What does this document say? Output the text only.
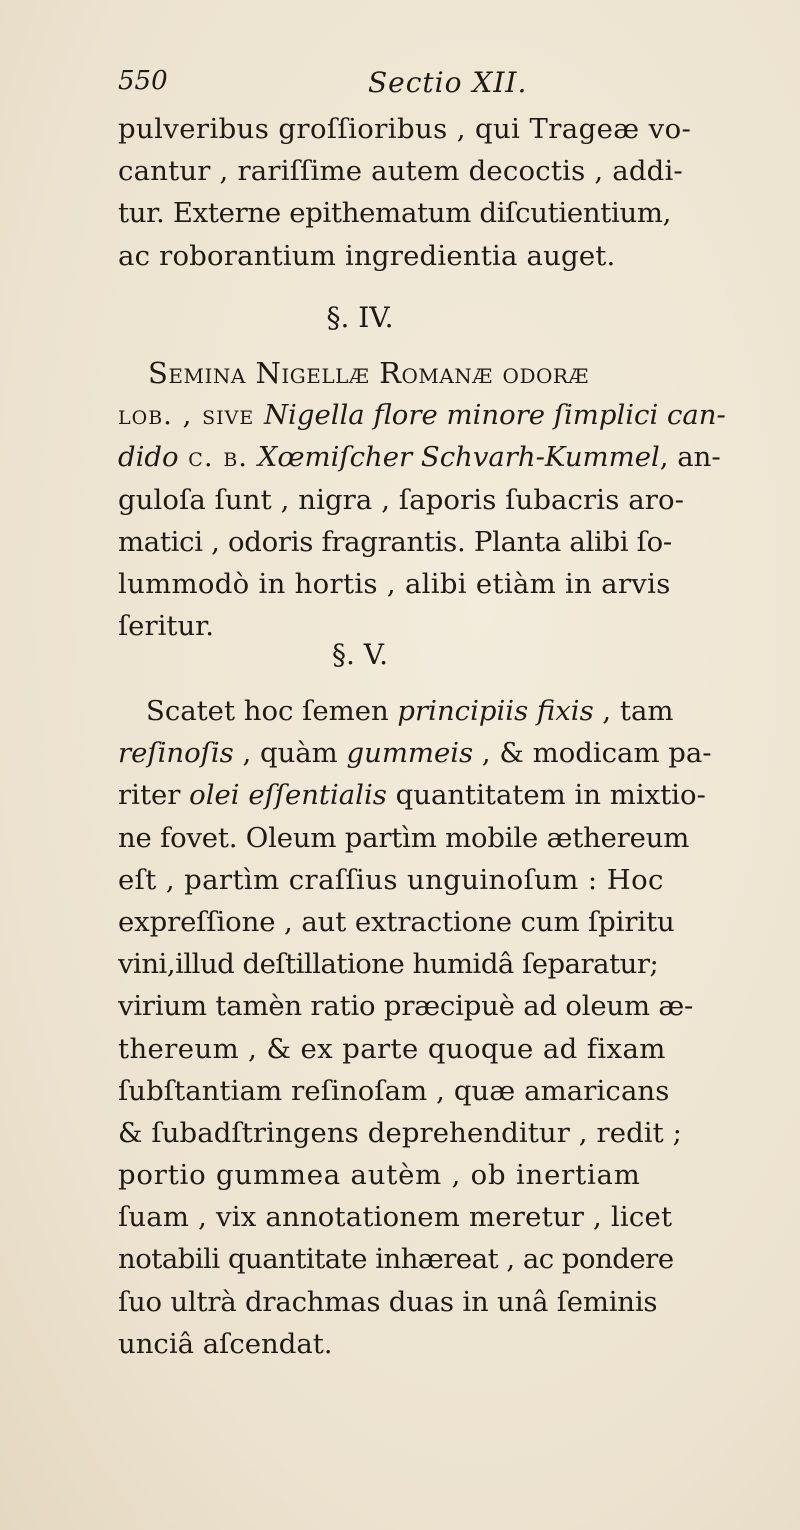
550	Sectio XII.
pulveribus groſſioribus , qui Trageæ vo-
cantur , rariſſime autem decoctis , addi-
tur. Externe epithematum diſcutientium,
ac roborantium ingredientia auget.
§. IV.
Semina Nigellæ Romanæ odoræ
lob. , ſive Nigella flore minore ſimplici can-
dido c. b. Xœmiſcher Schvarh-Kummel, an-
guloſa ſunt , nigra , ſaporis ſubacris aro-
matici , odoris fragrantis. Planta alibi ſo-
lummodò in hortis , alibi etiàm in arvis
ſeritur.
§. V.
Scatet hoc ſemen principiis fixis , tam
reſinoſis , quàm gummeis , & modicam pa-
riter olei eſſentialis quantitatem in mixtio-
ne fovet. Oleum partìm mobile æthereum
eſt , partìm craſſius unguinoſum : Hoc
expreſſione , aut extractione cum ſpiritu
vini,illud deſtillatione humidâ ſeparatur;
virium tamèn ratio præcipuè ad oleum æ-
thereum , & ex parte quoque ad fixam
ſubſtantiam reſinoſam , quæ amaricans
& ſubadſtringens deprehenditur , redit ;
portio gummea autèm , ob inertiam
ſuam , vix annotationem meretur , licet
notabili quantitate inhæreat , ac pondere
ſuo ultrà drachmas duas in unâ ſeminis
unciâ aſcendat.
